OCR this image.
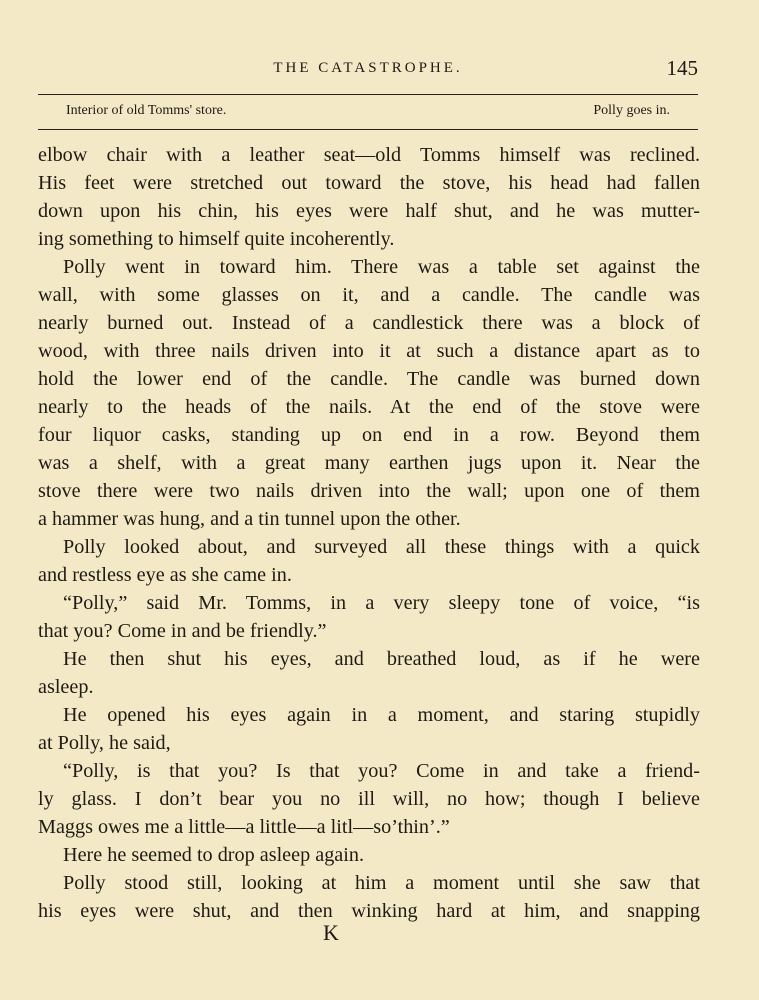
THE CATASTROPHE.	145
Interior of old Tomms' store.	Polly goes in.
elbow chair with a leather seat—old Tomms himself was reclined.
His feet were stretched out toward the stove, his head had fallen
down upon his chin, his eyes were half shut, and he was mutter-
ing something to himself quite incoherently.
Polly went in toward him. There was a table set against the
wall, with some glasses on it, and a candle. The candle was
nearly burned out. Instead of a candlestick there was a block of
wood, with three nails driven into it at such a distance apart as to
hold the lower end of the candle. The candle was burned down
nearly to the heads of the nails. At the end of the stove were
four liquor casks, standing up on end in a row. Beyond them
was a shelf, with a great many earthen jugs upon it. Near the
stove there were two nails driven into the wall; upon one of them
a hammer was hung, and a tin tunnel upon the other.
Polly looked about, and surveyed all these things with a quick
and restless eye as she came in.
“Polly,” said Mr. Tomms, in a very sleepy tone of voice, “is
that you? Come in and be friendly.”
He then shut his eyes, and breathed loud, as if he were
asleep.
He opened his eyes again in a moment, and staring stupidly
at Polly, he said,
“Polly, is that you? Is that you? Come in and take a friend-
ly glass. I don’t bear you no ill will, no how; though I believe
Maggs owes me a little—a little—a litl—so’thin’.”
Here he seemed to drop asleep again.
Polly stood still, looking at him a moment until she saw that
his eyes were shut, and then winking hard at him, and snapping
K
